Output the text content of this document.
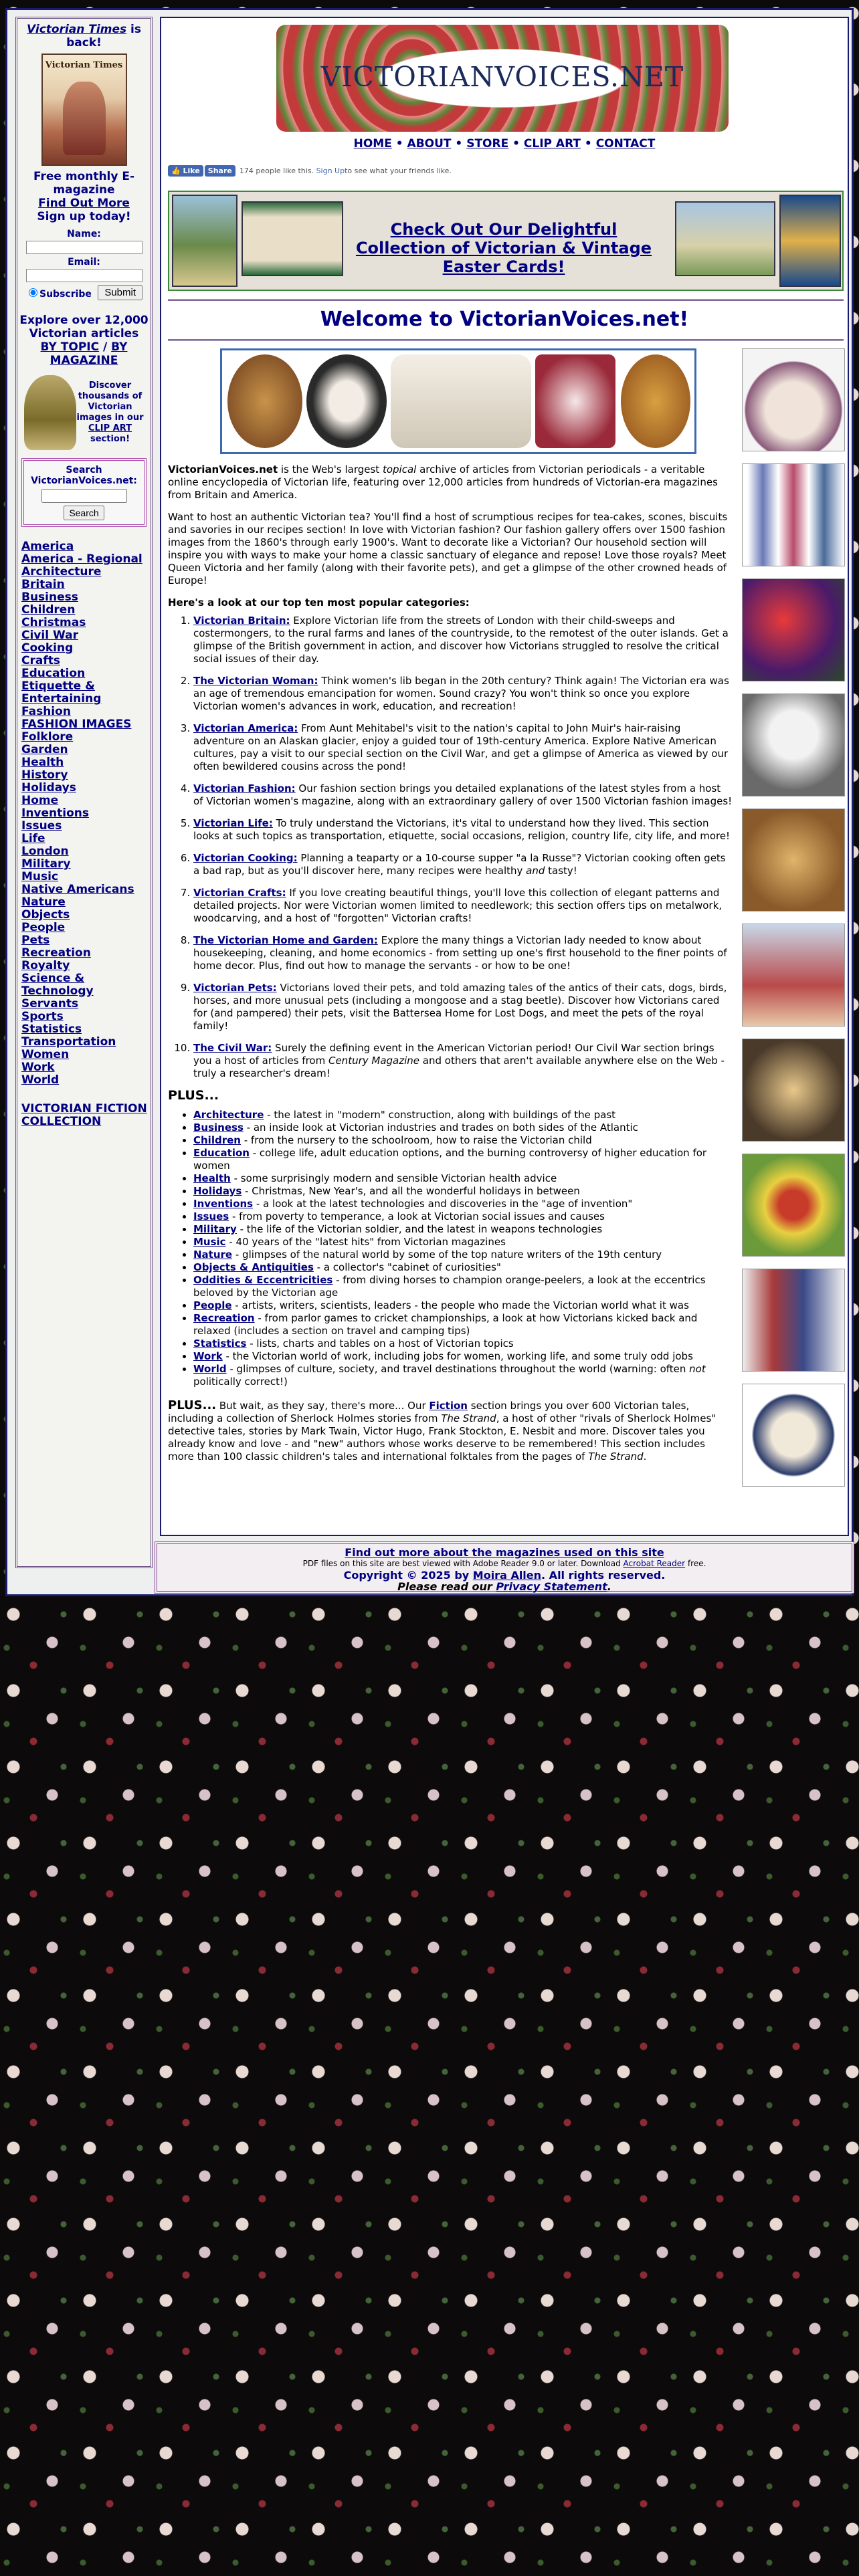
Victorian Times is back!
Victorian Times
Free monthly E-magazine
Find Out More
Sign up today!
Name:
Email:
Subscribe	Submit
Explore over 12,000 Victorian articles
BY TOPIC / BY MAGAZINE
Discover thousands of Victorian images in our CLIP ART section!
Search VictorianVoices.net:
Search
America
America - Regional
Architecture
Britain
Business
Children
Christmas
Civil War
Cooking
Crafts
Education
Etiquette & Entertaining
Fashion
FASHION IMAGES
Folklore
Garden
Health
History
Holidays
Home
Inventions
Issues
Life
London
Military
Music
Native Americans
Nature
Objects
People
Pets
Recreation
Royalty
Science & Technology
Servants
Sports
Statistics
Transportation
Women
Work
World
VICTORIAN FICTION COLLECTION
VICTORIANVOICES.NET
HOME • ABOUT • STORE • CLIP ART • CONTACT
👍 Like	Share	174 people like this.
Sign Up to see what your friends like.
Check Out Our Delightful Collection of Victorian & Vintage Easter Cards!
Welcome to VictorianVoices.net!

VictorianVoices.net is the Web's largest topical archive of articles from Victorian periodicals - a veritable online encyclopedia of Victorian life, featuring over 12,000 articles from hundreds of Victorian-era magazines from Britain and America.

Want to host an authentic Victorian tea? You'll find a host of scrumptious recipes for tea-cakes, scones, biscuits and savories in our recipes section! In love with Victorian fashion? Our fashion gallery offers over 1500 fashion images from the 1860's through early 1900's. Want to decorate like a Victorian? Our household section will inspire you with ways to make your home a classic sanctuary of elegance and repose! Love those royals? Meet Queen Victoria and her family (along with their favorite pets), and get a glimpse of the other crowned heads of Europe!

Here's a look at our top ten most popular categories:
1. Victorian Britain: Explore Victorian life from the streets of London with their child-sweeps and costermongers, to the rural farms and lanes of the countryside, to the remotest of the outer islands. Get a glimpse of the British government in action, and discover how Victorians struggled to resolve the critical social issues of their day.
2. The Victorian Woman: Think women's lib began in the 20th century? Think again! The Victorian era was an age of tremendous emancipation for women. Sound crazy? You won't think so once you explore Victorian women's advances in work, education, and recreation!
3. Victorian America: From Aunt Mehitabel's visit to the nation's capital to John Muir's hair-raising adventure on an Alaskan glacier, enjoy a guided tour of 19th-century America. Explore Native American cultures, pay a visit to our special section on the Civil War, and get a glimpse of America as viewed by our often bewildered cousins across the pond!
4. Victorian Fashion: Our fashion section brings you detailed explanations of the latest styles from a host of Victorian women's magazine, along with an extraordinary gallery of over 1500 Victorian fashion images!
5. Victorian Life: To truly understand the Victorians, it's vital to understand how they lived. This section looks at such topics as transportation, etiquette, social occasions, religion, country life, city life, and more!
6. Victorian Cooking: Planning a teaparty or a 10-course supper "a la Russe"? Victorian cooking often gets a bad rap, but as you'll discover here, many recipes were healthy and tasty!
7. Victorian Crafts: If you love creating beautiful things, you'll love this collection of elegant patterns and detailed projects. Nor were Victorian women limited to needlework; this section offers tips on metalwork, woodcarving, and a host of "forgotten" Victorian crafts!
8. The Victorian Home and Garden: Explore the many things a Victorian lady needed to know about housekeeping, cleaning, and home economics - from setting up one's first household to the finer points of home decor. Plus, find out how to manage the servants - or how to be one!
9. Victorian Pets: Victorians loved their pets, and told amazing tales of the antics of their cats, dogs, birds, horses, and more unusual pets (including a mongoose and a stag beetle). Discover how Victorians cared for (and pampered) their pets, visit the Battersea Home for Lost Dogs, and meet the pets of the royal family!
10. The Civil War: Surely the defining event in the American Victorian period! Our Civil War section brings you a host of articles from Century Magazine and others that aren't available anywhere else on the Web - truly a researcher's dream!
PLUS...
• Architecture - the latest in "modern" construction, along with buildings of the past
• Business - an inside look at Victorian industries and trades on both sides of the Atlantic
• Children - from the nursery to the schoolroom, how to raise the Victorian child
• Education - college life, adult education options, and the burning controversy of higher education for women
• Health - some surprisingly modern and sensible Victorian health advice
• Holidays - Christmas, New Year's, and all the wonderful holidays in between
• Inventions - a look at the latest technologies and discoveries in the "age of invention"
• Issues - from poverty to temperance, a look at Victorian social issues and causes
• Military - the life of the Victorian soldier, and the latest in weapons technologies
• Music - 40 years of the "latest hits" from Victorian magazines
• Nature - glimpses of the natural world by some of the top nature writers of the 19th century
• Objects & Antiquities - a collector's "cabinet of curiosities"
• Oddities & Eccentricities - from diving horses to champion orange-peelers, a look at the eccentrics beloved by the Victorian age
• People - artists, writers, scientists, leaders - the people who made the Victorian world what it was
• Recreation - from parlor games to cricket championships, a look at how Victorians kicked back and relaxed (includes a section on travel and camping tips)
• Statistics - lists, charts and tables on a host of Victorian topics
• Work - the Victorian world of work, including jobs for women, working life, and some truly odd jobs
• World - glimpses of culture, society, and travel destinations throughout the world (warning: often not politically correct!)

PLUS... But wait, as they say, there's more... Our Fiction section brings you over 600 Victorian tales, including a collection of Sherlock Holmes stories from The Strand, a host of other "rivals of Sherlock Holmes" detective tales, stories by Mark Twain, Victor Hugo, Frank Stockton, E. Nesbit and more. Discover tales you already know and love - and "new" authors whose works deserve to be remembered! This section includes more than 100 classic children's tales and international folktales from the pages of The Strand.

Find out more about the magazines used on this site
PDF files on this site are best viewed with Adobe Reader 9.0 or later. Download Acrobat Reader free.
Copyright © 2025 by Moira Allen. All rights reserved.
Please read our Privacy Statement.
